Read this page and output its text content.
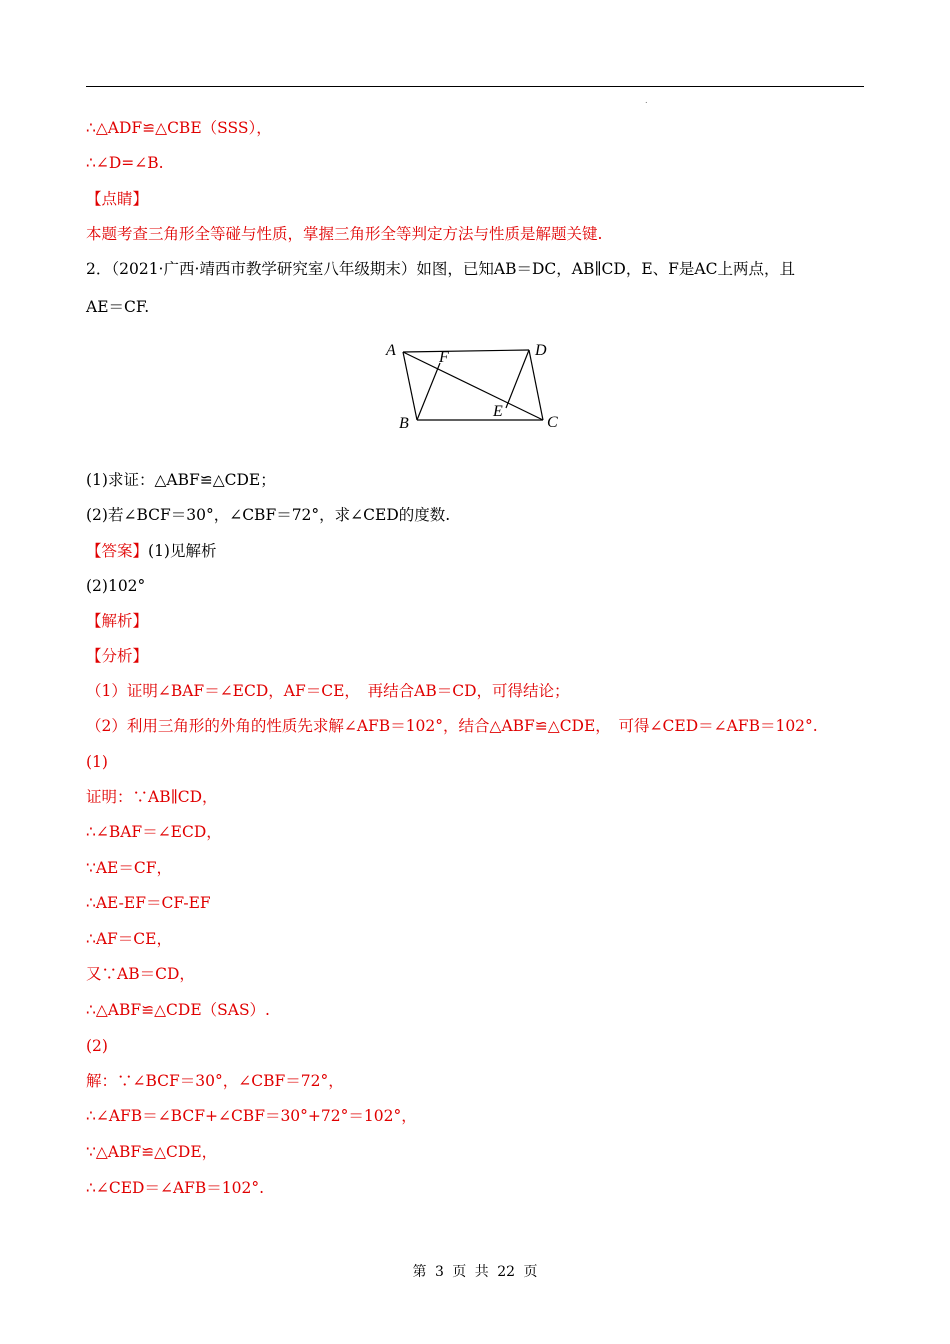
.
∴△ADF≌△CBE（SSS），
∴∠D=∠B.
【点睛】
本题考查三角形全等碰与性质，掌握三角形全等判定方法与性质是解题关键.
2．（2021·广西·靖西市教学研究室八年级期末）如图，已知AB＝DC，AB∥CD，E、F是AC上两点，且
AE＝CF.
A	D
F
E
B	C
(1)求证：△ABF≌△CDE；
(2)若∠BCF＝30°，∠CBF＝72°，求∠CED的度数.
【答案】(1)见解析
(2)102°
【解析】
【分析】
（1）证明∠BAF＝∠ECD，AF＝CE，　再结合AB＝CD，可得结论；
（2）利用三角形的外角的性质先求解∠AFB＝102°，结合△ABF≌△CDE，　可得∠CED＝∠AFB＝102°.
(1)
证明：∵AB∥CD，
∴∠BAF＝∠ECD，
∵AE＝CF，
∴AE-EF＝CF-EF
∴AF＝CE，
又∵AB＝CD，
∴△ABF≌△CDE（SAS）.
(2)
解：∵∠BCF＝30°，∠CBF＝72°，
∴∠AFB＝∠BCF+∠CBF＝30°+72°＝102°，
∵△ABF≌△CDE，
∴∠CED＝∠AFB＝102°.
第 3 页 共 22 页
